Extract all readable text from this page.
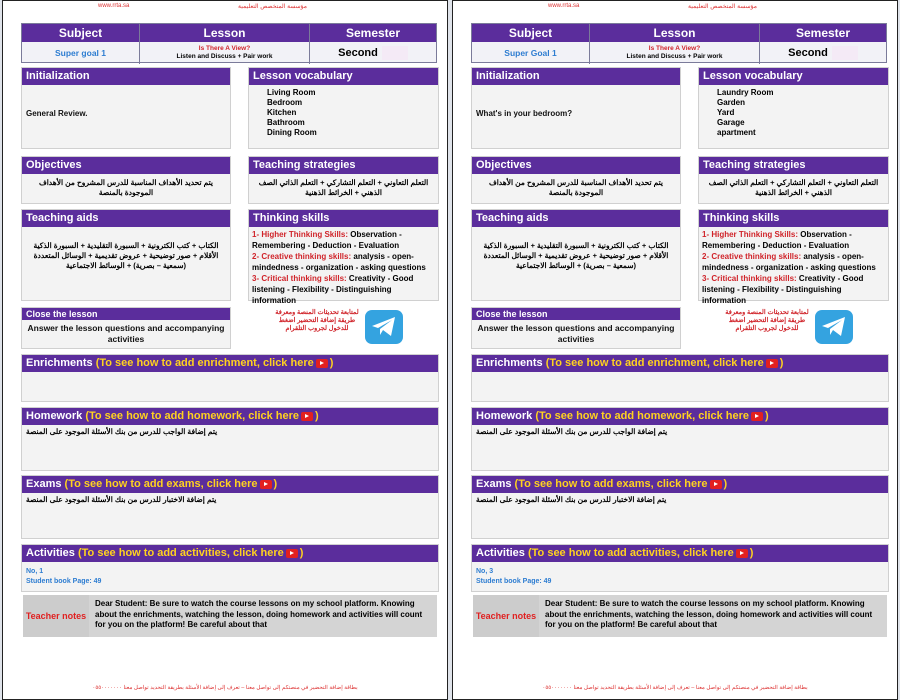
www.rrta.sa	مؤسسة المتخصص التعليمية
Subject
Super goal 1
Lesson
Is There A View?
Listen and Discuss + Pair work
Semester
Second
Initialization
General Review.
Lesson vocabulary
Living Room
Bedroom
Kitchen
Bathroom
Dining Room
Objectives
يتم تحديد الأهداف المناسبة للدرس المشروح من الأهداف الموجودة بالمنصة
Teaching strategies
التعلم التعاوني + التعلم التشاركي + التعلم الذاتي الصف الذهني + الخرائط الذهنية
Teaching aids
الكتاب + كتب الكترونية + السبورة التقليدية + السبورة الذكية الأقلام + صور توضيحية + عروض تقديمية + الوسائل المتعددة (سمعية – بصرية) + الوسائط الاجتماعية
Thinking skills
1- Higher Thinking Skills: Observation - Remembering - Deduction - Evaluation
2- Creative thinking skills: analysis - open-mindedness - organization - asking questions
3- Critical thinking skills: Creativity - Good listening - Flexibility - Distinguishing information
Close the lesson
Answer the lesson questions and accompanying activities
لمتابعة تحديثات المنصة ومعرفة طريقة إضافة التحضير اضغط للدخول لجروب التلقرام
Enrichments (To see how to add enrichment, click here )
Homework (To see how to add homework, click here )
يتم إضافة الواجب للدرس من بنك الأسئلة الموجود على المنصة
Exams (To see how to add exams, click here )
يتم إضافة الاختبار للدرس من بنك الأسئلة الموجود على المنصة
Activities (To see how to add activities, click here )
No, 1
Student book Page: 49
Teacher notes
Dear Student: Be sure to watch the course lessons on my school platform. Knowing about the enrichments, watching the lesson, doing homework and activities will count for you on the platform! Be careful about that
بطاقة إضافة التحضير في منصتكم إلى تواصل معنا – تعرف إلى إضافة الأسئلة بطريقة التحديد تواصل معنا ٠٥٥٠٠٠٠٠٠٠
www.rrta.sa	مؤسسة المتخصص التعليمية
Subject
Super Goal 1
Lesson
Is There A View?
Listen and Discuss + Pair work
Semester
Second
Initialization
What's in your bedroom?
Lesson vocabulary
Laundry Room
Garden
Yard
Garage
apartment
Objectives
يتم تحديد الأهداف المناسبة للدرس المشروح من الأهداف الموجودة بالمنصة
Teaching strategies
التعلم التعاوني + التعلم التشاركي + التعلم الذاتي الصف الذهني + الخرائط الذهنية
Teaching aids
الكتاب + كتب الكترونية + السبورة التقليدية + السبورة الذكية الأقلام + صور توضيحية + عروض تقديمية + الوسائل المتعددة (سمعية – بصرية) + الوسائط الاجتماعية
Thinking skills
1- Higher Thinking Skills: Observation - Remembering - Deduction - Evaluation
2- Creative thinking skills: analysis - open-mindedness - organization - asking questions
3- Critical thinking skills: Creativity - Good listening - Flexibility - Distinguishing information
Close the lesson
Answer the lesson questions and accompanying activities
لمتابعة تحديثات المنصة ومعرفة طريقة إضافة التحضير اضغط للدخول لجروب التلقرام
Enrichments (To see how to add enrichment, click here )
Homework (To see how to add homework, click here )
يتم إضافة الواجب للدرس من بنك الأسئلة الموجود على المنصة
Exams (To see how to add exams, click here )
يتم إضافة الاختبار للدرس من بنك الأسئلة الموجود على المنصة
Activities (To see how to add activities, click here )
No, 3
Student book Page: 49
Teacher notes
Dear Student: Be sure to watch the course lessons on my school platform. Knowing about the enrichments, watching the lesson, doing homework and activities will count for you on the platform! Be careful about that
بطاقة إضافة التحضير في منصتكم إلى تواصل معنا – تعرف إلى إضافة الأسئلة بطريقة التحديد تواصل معنا ٠٥٥٠٠٠٠٠٠٠
